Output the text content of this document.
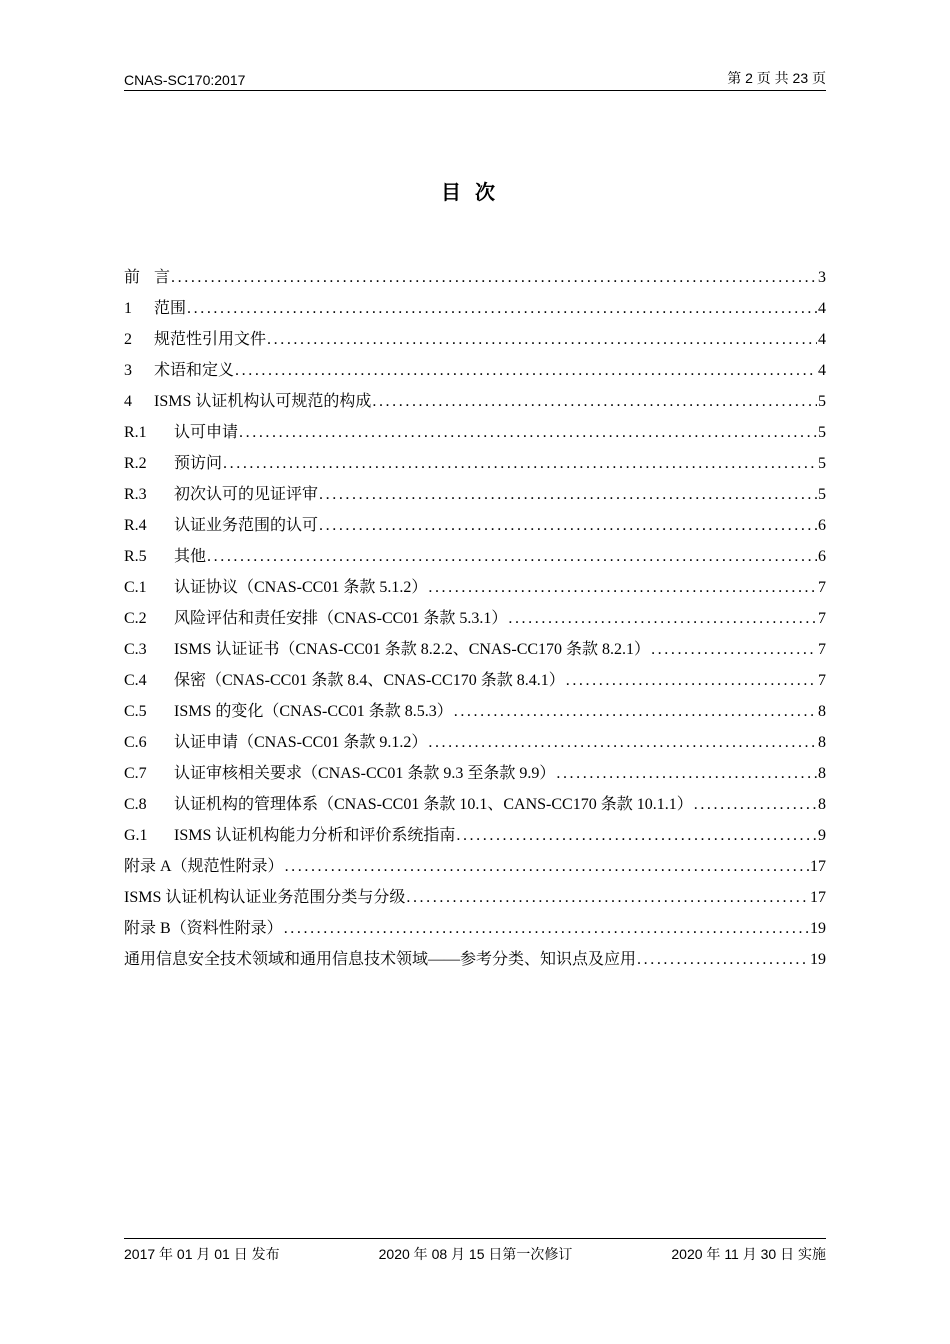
CNAS-SC170:2017	第 2 页 共 23 页
目次
前 言 .....	3
1	范围 .....	4
2	规范性引用文件 .....	4
3	术语和定义 .....	4
4	ISMS 认证机构认可规范的构成 .....	5
R.1	认可申请 .....	5
R.2	预访问 .....	5
R.3	初次认可的见证评审 .....	5
R.4	认证业务范围的认可 .....	6
R.5	其他 .....	6
C.1	认证协议（CNAS-CC01 条款 5.1.2） .....	7
C.2	风险评估和责任安排（CNAS-CC01 条款 5.3.1） .....	7
C.3	ISMS 认证证书（CNAS-CC01 条款 8.2.2、CNAS-CC170 条款 8.2.1） .....	7
C.4	保密（CNAS-CC01 条款 8.4、CNAS-CC170 条款 8.4.1） .....	7
C.5	ISMS 的变化（CNAS-CC01 条款 8.5.3） .....	8
C.6	认证申请（CNAS-CC01 条款 9.1.2） .....	8
C.7	认证审核相关要求（CNAS-CC01 条款 9.3 至条款 9.9） .....	8
C.8	认证机构的管理体系（CNAS-CC01 条款 10.1、CANS-CC170 条款 10.1.1） .....	8
G.1	ISMS 认证机构能力分析和评价系统指南 .....	9
附录 A（规范性附录） .....	17
ISMS 认证机构认证业务范围分类与分级 .....	17
附录 B（资料性附录） .....	19
通用信息安全技术领域和通用信息技术领域——参考分类、知识点及应用 .....	19
2017 年 01 月 01 日 发布	2020 年 08 月 15 日第一次修订	2020 年 11 月 30 日 实施
